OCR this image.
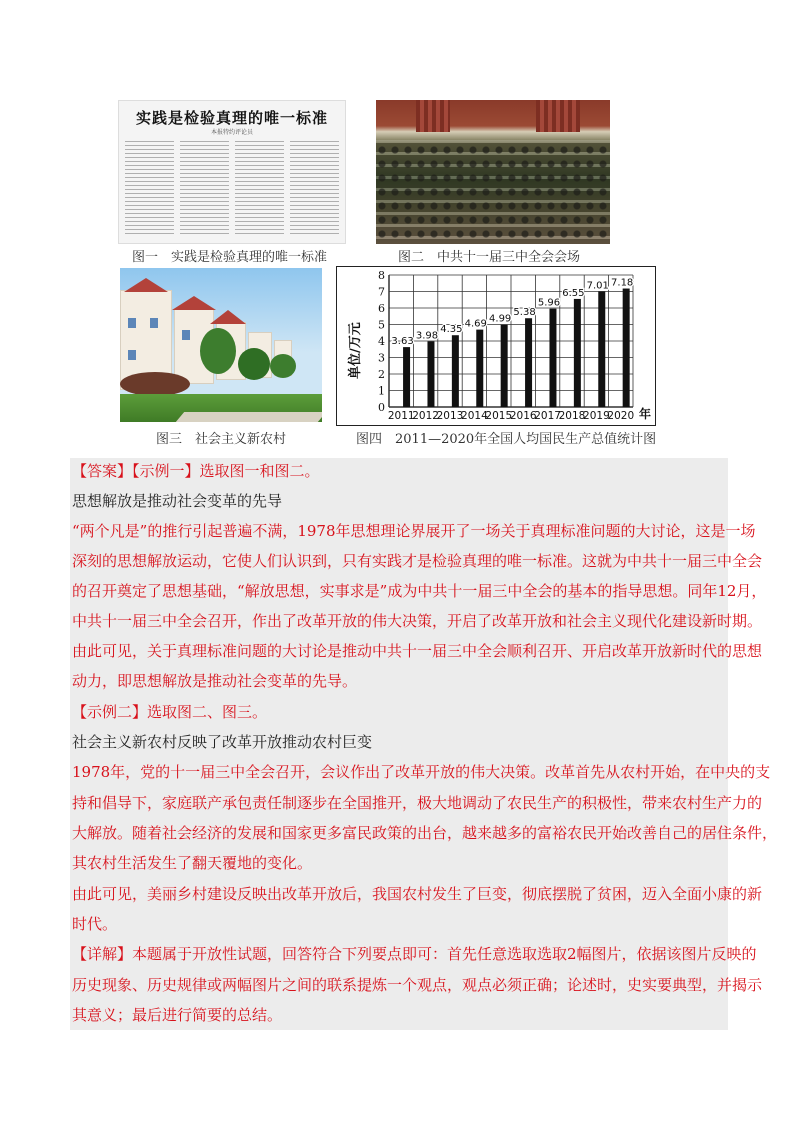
实践是检验真理的唯一标准
本报特约评论员
图一　实践是检验真理的唯一标准	图二　中共十一届三中全会会场
图三　社会主义新农村
0
1
2
3
4
5
6
7
8
3.63
2011
3.98
2012
4.35
2013
4.69
2014
4.99
2015
5.38
2016
5.96
2017
6.55
2018
7.01
2019
7.18
2020
单位/万元
年
图四　2011—2020年全国人均国民生产总值统计图
【答案】【示例一】选取图一和图二。
思想解放是推动社会变革的先导
“两个凡是”的推行引起普遍不满，1978年思想理论界展开了一场关于真理标准问题的大讨论，这是一场
深刻的思想解放运动，它使人们认识到，只有实践才是检验真理的唯一标准。这就为中共十一届三中全会
的召开奠定了思想基础，“解放思想，实事求是”成为中共十一届三中全会的基本的指导思想。同年12月，
中共十一届三中全会召开，作出了改革开放的伟大决策，开启了改革开放和社会主义现代化建设新时期。
由此可见，关于真理标准问题的大讨论是推动中共十一届三中全会顺利召开、开启改革开放新时代的思想
动力，即思想解放是推动社会变革的先导。
【示例二】选取图二、图三。
社会主义新农村反映了改革开放推动农村巨变
1978年，党的十一届三中全会召开，会议作出了改革开放的伟大决策。改革首先从农村开始，在中央的支
持和倡导下，家庭联产承包责任制逐步在全国推开，极大地调动了农民生产的积极性，带来农村生产力的
大解放。随着社会经济的发展和国家更多富民政策的出台，越来越多的富裕农民开始改善自己的居住条件，
其农村生活发生了翻天覆地的变化。
由此可见，美丽乡村建设反映出改革开放后，我国农村发生了巨变，彻底摆脱了贫困，迈入全面小康的新
时代。
【详解】本题属于开放性试题，回答符合下列要点即可：首先任意选取选取2幅图片，依据该图片反映的
历史现象、历史规律或两幅图片之间的联系提炼一个观点，观点必须正确；论述时，史实要典型，并揭示
其意义；最后进行简要的总结。
